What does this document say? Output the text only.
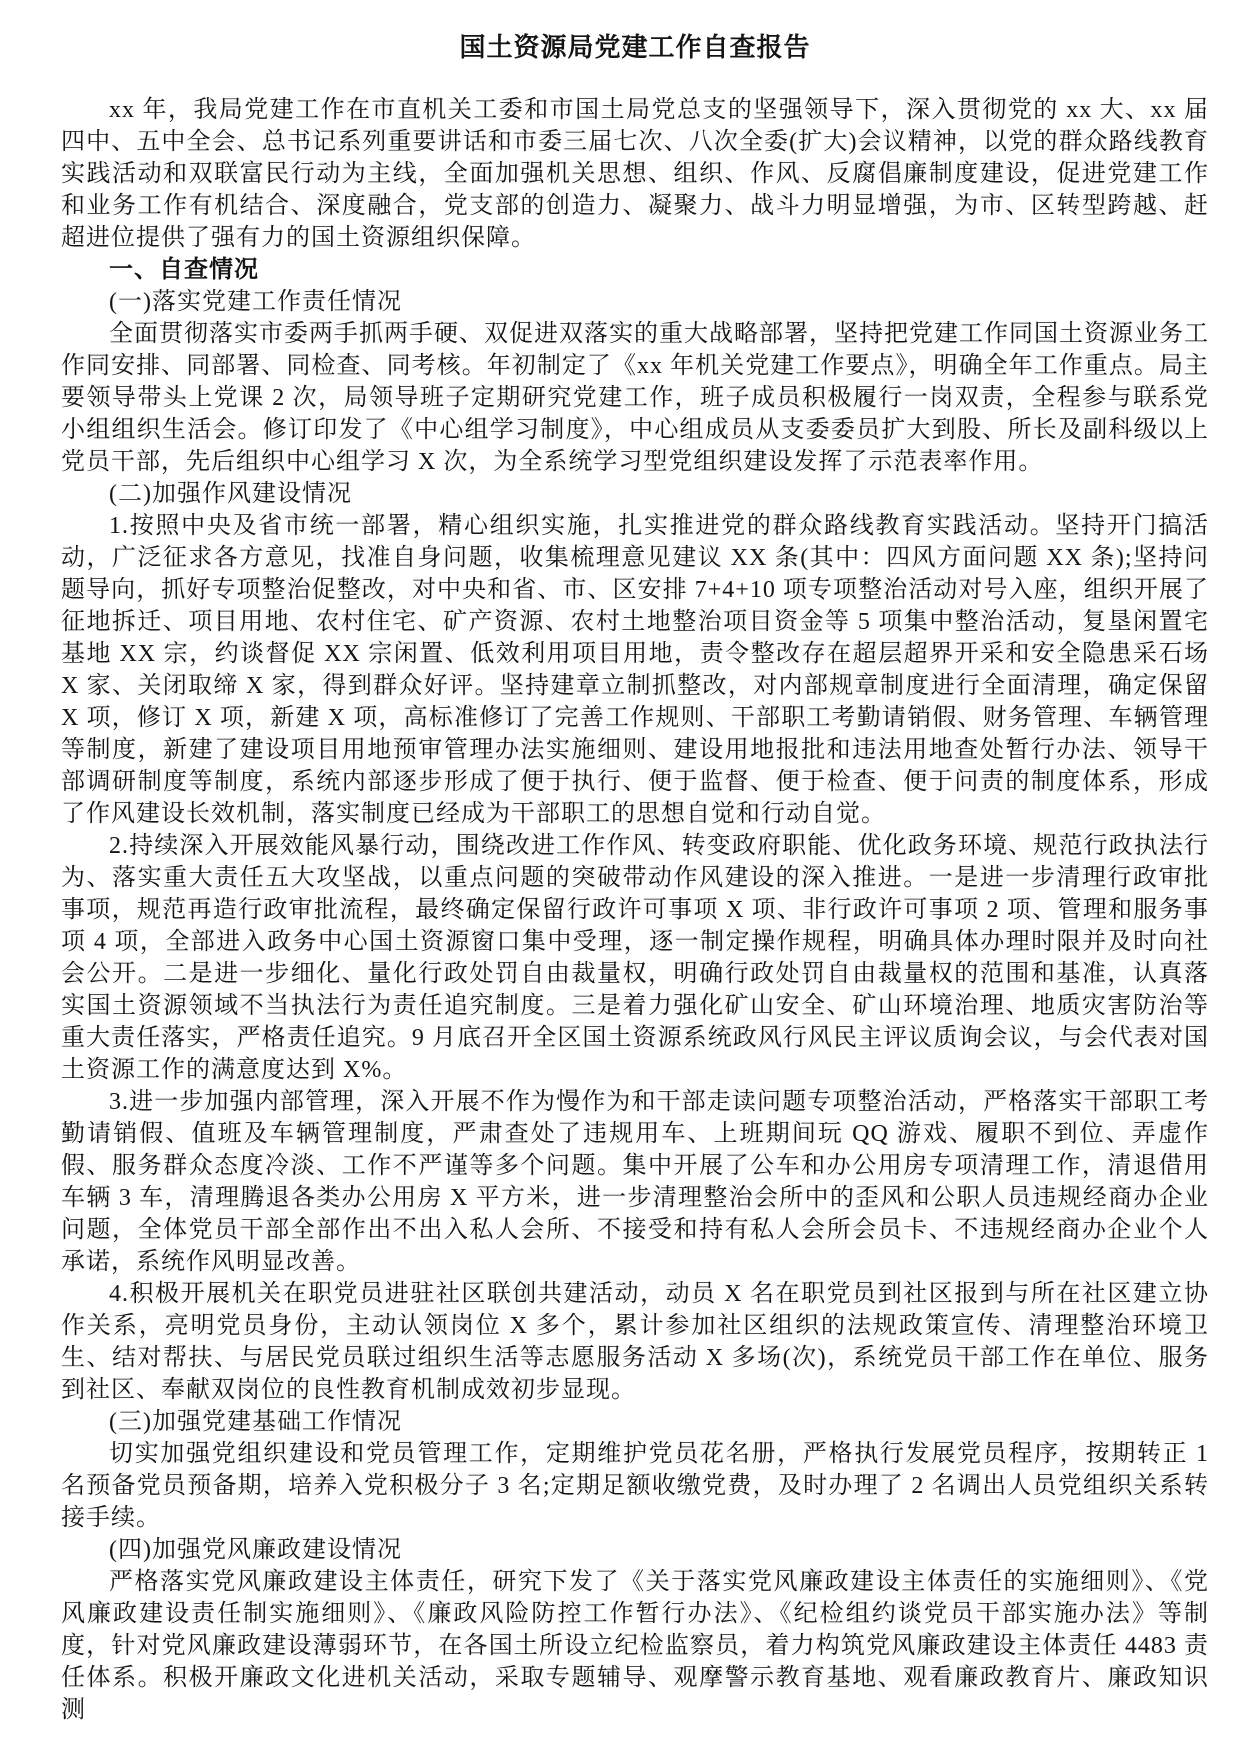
国土资源局党建工作自查报告

xx 年，我局党建工作在市直机关工委和市国土局党总支的坚强领导下，深入贯彻党的 xx 大、xx 届四中、五中全会、总书记系列重要讲话和市委三届七次、八次全委(扩大)会议精神，以党的群众路线教育实践活动和双联富民行动为主线，全面加强机关思想、组织、作风、反腐倡廉制度建设，促进党建工作和业务工作有机结合、深度融合，党支部的创造力、凝聚力、战斗力明显增强，为市、区转型跨越、赶超进位提供了强有力的国土资源组织保障。

一、自查情况

(一)落实党建工作责任情况

全面贯彻落实市委两手抓两手硬、双促进双落实的重大战略部署，坚持把党建工作同国土资源业务工作同安排、同部署、同检查、同考核。年初制定了《xx 年机关党建工作要点》，明确全年工作重点。局主要领导带头上党课 2 次，局领导班子定期研究党建工作，班子成员积极履行一岗双责，全程参与联系党小组组织生活会。修订印发了《中心组学习制度》，中心组成员从支委委员扩大到股、所长及副科级以上党员干部，先后组织中心组学习 X 次，为全系统学习型党组织建设发挥了示范表率作用。

(二)加强作风建设情况

1.按照中央及省市统一部署，精心组织实施，扎实推进党的群众路线教育实践活动。坚持开门搞活动，广泛征求各方意见，找准自身问题，收集梳理意见建议 XX 条(其中：四风方面问题 XX 条);坚持问题导向，抓好专项整治促整改，对中央和省、市、区安排 7+4+10 项专项整治活动对号入座，组织开展了征地拆迁、项目用地、农村住宅、矿产资源、农村土地整治项目资金等 5 项集中整治活动，复垦闲置宅基地 XX 宗，约谈督促 XX 宗闲置、低效利用项目用地，责令整改存在超层超界开采和安全隐患采石场 X 家、关闭取缔 X 家，得到群众好评。坚持建章立制抓整改，对内部规章制度进行全面清理，确定保留 X 项，修订 X 项，新建 X 项，高标准修订了完善工作规则、干部职工考勤请销假、财务管理、车辆管理等制度，新建了建设项目用地预审管理办法实施细则、建设用地报批和违法用地查处暂行办法、领导干部调研制度等制度，系统内部逐步形成了便于执行、便于监督、便于检查、便于问责的制度体系，形成了作风建设长效机制，落实制度已经成为干部职工的思想自觉和行动自觉。

2.持续深入开展效能风暴行动，围绕改进工作作风、转变政府职能、优化政务环境、规范行政执法行为、落实重大责任五大攻坚战，以重点问题的突破带动作风建设的深入推进。一是进一步清理行政审批事项，规范再造行政审批流程，最终确定保留行政许可事项 X 项、非行政许可事项 2 项、管理和服务事项 4 项，全部进入政务中心国土资源窗口集中受理，逐一制定操作规程，明确具体办理时限并及时向社会公开。二是进一步细化、量化行政处罚自由裁量权，明确行政处罚自由裁量权的范围和基准，认真落实国土资源领域不当执法行为责任追究制度。三是着力强化矿山安全、矿山环境治理、地质灾害防治等重大责任落实，严格责任追究。9 月底召开全区国土资源系统政风行风民主评议质询会议，与会代表对国土资源工作的满意度达到 X%。

3.进一步加强内部管理，深入开展不作为慢作为和干部走读问题专项整治活动，严格落实干部职工考勤请销假、值班及车辆管理制度，严肃查处了违规用车、上班期间玩 QQ 游戏、履职不到位、弄虚作假、服务群众态度冷淡、工作不严谨等多个问题。集中开展了公车和办公用房专项清理工作，清退借用车辆 3 车，清理腾退各类办公用房 X 平方米，进一步清理整治会所中的歪风和公职人员违规经商办企业问题，全体党员干部全部作出不出入私人会所、不接受和持有私人会所会员卡、不违规经商办企业个人承诺，系统作风明显改善。

4.积极开展机关在职党员进驻社区联创共建活动，动员 X 名在职党员到社区报到与所在社区建立协作关系，亮明党员身份，主动认领岗位 X 多个，累计参加社区组织的法规政策宣传、清理整治环境卫生、结对帮扶、与居民党员联过组织生活等志愿服务活动 X 多场(次)，系统党员干部工作在单位、服务到社区、奉献双岗位的良性教育机制成效初步显现。

(三)加强党建基础工作情况

切实加强党组织建设和党员管理工作，定期维护党员花名册，严格执行发展党员程序，按期转正 1 名预备党员预备期，培养入党积极分子 3 名;定期足额收缴党费，及时办理了 2 名调出人员党组织关系转接手续。

(四)加强党风廉政建设情况

严格落实党风廉政建设主体责任，研究下发了《关于落实党风廉政建设主体责任的实施细则》、《党风廉政建设责任制实施细则》、《廉政风险防控工作暂行办法》、《纪检组约谈党员干部实施办法》等制度，针对党风廉政建设薄弱环节，在各国土所设立纪检监察员，着力构筑党风廉政建设主体责任 4483 责任体系。积极开廉政文化进机关活动，采取专题辅导、观摩警示教育基地、观看廉政教育片、廉政知识测
